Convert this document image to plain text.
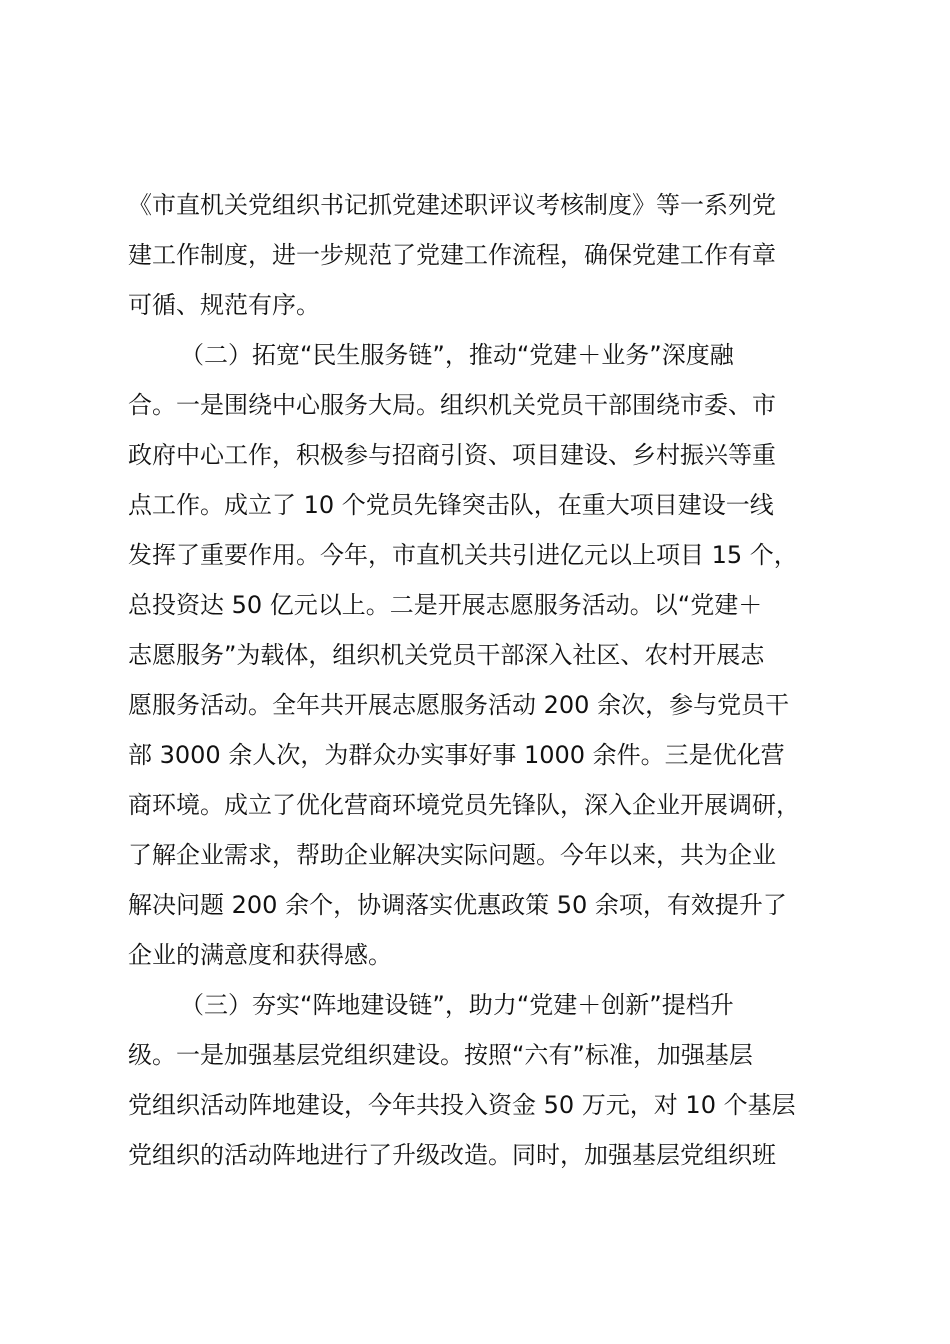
《市直机关党组织书记抓党建述职评议考核制度》等一系列党
建工作制度，进一步规范了党建工作流程，确保党建工作有章
可循、规范有序。
（二）拓宽“民生服务链”，推动“党建＋业务”深度融
合。一是围绕中心服务大局。组织机关党员干部围绕市委、市
政府中心工作，积极参与招商引资、项目建设、乡村振兴等重
点工作。成立了 10 个党员先锋突击队，在重大项目建设一线
发挥了重要作用。今年，市直机关共引进亿元以上项目 15 个，
总投资达 50 亿元以上。二是开展志愿服务活动。以“党建＋
志愿服务”为载体，组织机关党员干部深入社区、农村开展志
愿服务活动。全年共开展志愿服务活动 200 余次，参与党员干
部 3000 余人次，为群众办实事好事 1000 余件。三是优化营
商环境。成立了优化营商环境党员先锋队，深入企业开展调研，
了解企业需求，帮助企业解决实际问题。今年以来，共为企业
解决问题 200 余个，协调落实优惠政策 50 余项，有效提升了
企业的满意度和获得感。
（三）夯实“阵地建设链”，助力“党建＋创新”提档升
级。一是加强基层党组织建设。按照“六有”标准，加强基层
党组织活动阵地建设，今年共投入资金 50 万元，对 10 个基层
党组织的活动阵地进行了升级改造。同时，加强基层党组织班
